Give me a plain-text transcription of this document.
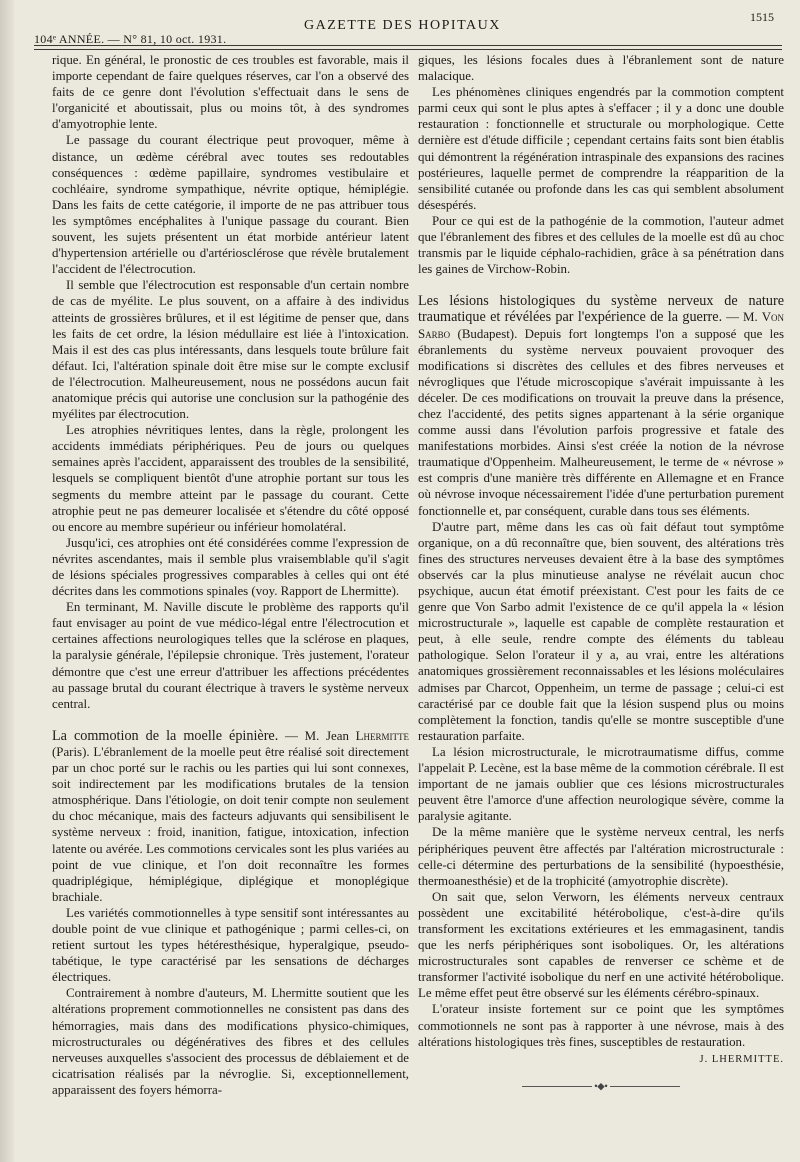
104ᵉ ANNÉE. — N° 81, 10 oct. 1931.
GAZETTE DES HOPITAUX
1515

rique. En général, le pronostic de ces troubles est favorable, mais il importe cependant de faire quelques réserves, car l'on a observé des faits de ce genre dont l'évolution s'effectuait dans le sens de l'organicité et aboutissait, plus ou moins tôt, à des syndromes d'amyotrophie lente.

Le passage du courant électrique peut provoquer, même à distance, un œdème cérébral avec toutes ses redoutables conséquences : œdème papillaire, syndromes vestibulaire et cochléaire, syndrome sympathique, névrite optique, hémiplégie. Dans les faits de cette catégorie, il importe de ne pas attribuer tous les symptômes encéphalites à l'unique passage du courant. Bien souvent, les sujets présentent un état morbide antérieur latent d'hypertension artérielle ou d'artériosclérose que révèle brutalement l'accident de l'électrocution.

Il semble que l'électrocution est responsable d'un certain nombre de cas de myélite. Le plus souvent, on a affaire à des individus atteints de grossières brûlures, et il est légitime de penser que, dans les faits de cet ordre, la lésion médullaire est liée à l'intoxication. Mais il est des cas plus intéressants, dans lesquels toute brûlure fait défaut. Ici, l'altération spinale doit être mise sur le compte exclusif de l'électrocution. Malheureusement, nous ne possédons aucun fait anatomique précis qui autorise une conclusion sur la pathogénie des myélites par électrocution.

Les atrophies névritiques lentes, dans la règle, prolongent les accidents immédiats périphériques. Peu de jours ou quelques semaines après l'accident, apparaissent des troubles de la sensibilité, lesquels se compliquent bientôt d'une atrophie portant sur tous les segments du membre atteint par le passage du courant. Cette atrophie peut ne pas demeurer localisée et s'étendre du côté opposé ou encore au membre supérieur ou inférieur homolatéral.

Jusqu'ici, ces atrophies ont été considérées comme l'expression de névrites ascendantes, mais il semble plus vraisemblable qu'il s'agit de lésions spéciales progressives comparables à celles qui ont été décrites dans les commotions spinales (voy. Rapport de Lhermitte).

En terminant, M. Naville discute le problème des rapports qu'il faut envisager au point de vue médico-légal entre l'électrocution et certaines affections neurologiques telles que la sclérose en plaques, la paralysie générale, l'épilepsie chronique. Très justement, l'orateur démontre que c'est une erreur d'attribuer les affections précédentes au passage brutal du courant électrique à travers le système nerveux central.

La commotion de la moelle épinière. — M. Jean Lhermitte (Paris). L'ébranlement de la moelle peut être réalisé soit directement par un choc porté sur le rachis ou les parties qui lui sont connexes, soit indirectement par les modifications brutales de la tension atmosphérique. Dans l'étiologie, on doit tenir compte non seulement du choc mécanique, mais des facteurs adjuvants qui sensibilisent le système nerveux : froid, inanition, fatigue, intoxication, infection latente ou avérée. Les commotions cervicales sont les plus variées au point de vue clinique, et l'on doit reconnaître les formes quadriplégique, hémiplégique, diplégique et monoplégique brachiale.

Les variétés commotionnelles à type sensitif sont intéressantes au double point de vue clinique et pathogénique ; parmi celles-ci, on retient surtout les types hétéresthésique, hyperalgique, pseudo-tabétique, le type caractérisé par les sensations de décharges électriques.

Contrairement à nombre d'auteurs, M. Lhermitte soutient que les altérations proprement commotionnelles ne consistent pas dans des hémorragies, mais dans des modifications physico-chimiques, microstructurales ou dégénératives des fibres et des cellules nerveuses auxquelles s'associent des processus de déblaiement et de cicatrisation réalisés par la névroglie. Si, exceptionnellement, apparaissent des foyers hémorra-

giques, les lésions focales dues à l'ébranlement sont de nature malacique.

Les phénomènes cliniques engendrés par la commotion comptent parmi ceux qui sont le plus aptes à s'effacer ; il y a donc une double restauration : fonctionnelle et structurale ou morphologique. Cette dernière est d'étude difficile ; cependant certains faits sont bien établis qui démontrent la régénération intraspinale des expansions des racines postérieures, laquelle permet de comprendre la réapparition de la sensibilité cutanée ou profonde dans les cas qui semblent absolument désespérés.

Pour ce qui est de la pathogénie de la commotion, l'auteur admet que l'ébranlement des fibres et des cellules de la moelle est dû au choc transmis par le liquide céphalo-rachidien, grâce à sa pénétration dans les gaines de Virchow-Robin.

Les lésions histologiques du système nerveux de nature traumatique et révélées par l'expérience de la guerre. — M. Von Sarbo (Budapest). Depuis fort longtemps l'on a supposé que les ébranlements du système nerveux pouvaient provoquer des modifications si discrètes des cellules et des fibres nerveuses et névrogliques que l'étude microscopique s'avérait impuissante à les déceler. De ces modifications on trouvait la preuve dans la présence, chez l'accidenté, des petits signes appartenant à la série organique comme aussi dans l'évolution parfois progressive et fatale des manifestations morbides. Ainsi s'est créée la notion de la névrose traumatique d'Oppenheim. Malheureusement, le terme de « névrose » est compris d'une manière très différente en Allemagne et en France où névrose invoque nécessairement l'idée d'une perturbation purement fonctionnelle et, par conséquent, curable dans tous ses éléments.

D'autre part, même dans les cas où fait défaut tout symptôme organique, on a dû reconnaître que, bien souvent, des altérations très fines des structures nerveuses devaient être à la base des symptômes observés car la plus minutieuse analyse ne révélait aucun choc psychique, aucun état émotif préexistant. C'est pour les faits de ce genre que Von Sarbo admit l'existence de ce qu'il appela la « lésion microstructurale », laquelle est capable de complète restauration et peut, à elle seule, rendre compte des éléments du tableau pathologique. Selon l'orateur il y a, au vrai, entre les altérations anatomiques grossièrement reconnaissables et les lésions moléculaires admises par Charcot, Oppenheim, un terme de passage ; celui-ci est caractérisé par ce double fait que la lésion suspend plus ou moins complètement la fonction, tandis qu'elle se montre susceptible d'une restauration parfaite.

La lésion microstructurale, le microtraumatisme diffus, comme l'appelait P. Lecène, est la base même de la commotion cérébrale. Il est important de ne jamais oublier que ces lésions microstructurales peuvent être l'amorce d'une affection neurologique sévère, comme la paralysie agitante.

De la même manière que le système nerveux central, les nerfs périphériques peuvent être affectés par l'altération microstructurale : celle-ci détermine des perturbations de la sensibilité (hypoesthésie, thermoanesthésie) et de la trophicité (amyotrophie discrète).

On sait que, selon Verworn, les éléments nerveux centraux possèdent une excitabilité hétérobolique, c'est-à-dire qu'ils transforment les excitations extérieures et les emmagasinent, tandis que les nerfs périphériques sont isoboliques. Or, les altérations microstructurales sont capables de renverser ce schème et de transformer l'activité isobolique du nerf en une activité hétérobolique. Le même effet peut être observé sur les éléments cérébro-spinaux.

L'orateur insiste fortement sur ce point que les symptômes commotionnels ne sont pas à rapporter à une névrose, mais à des altérations histologiques très fines, susceptibles de restauration.

J. LHERMITTE.
•◆•
